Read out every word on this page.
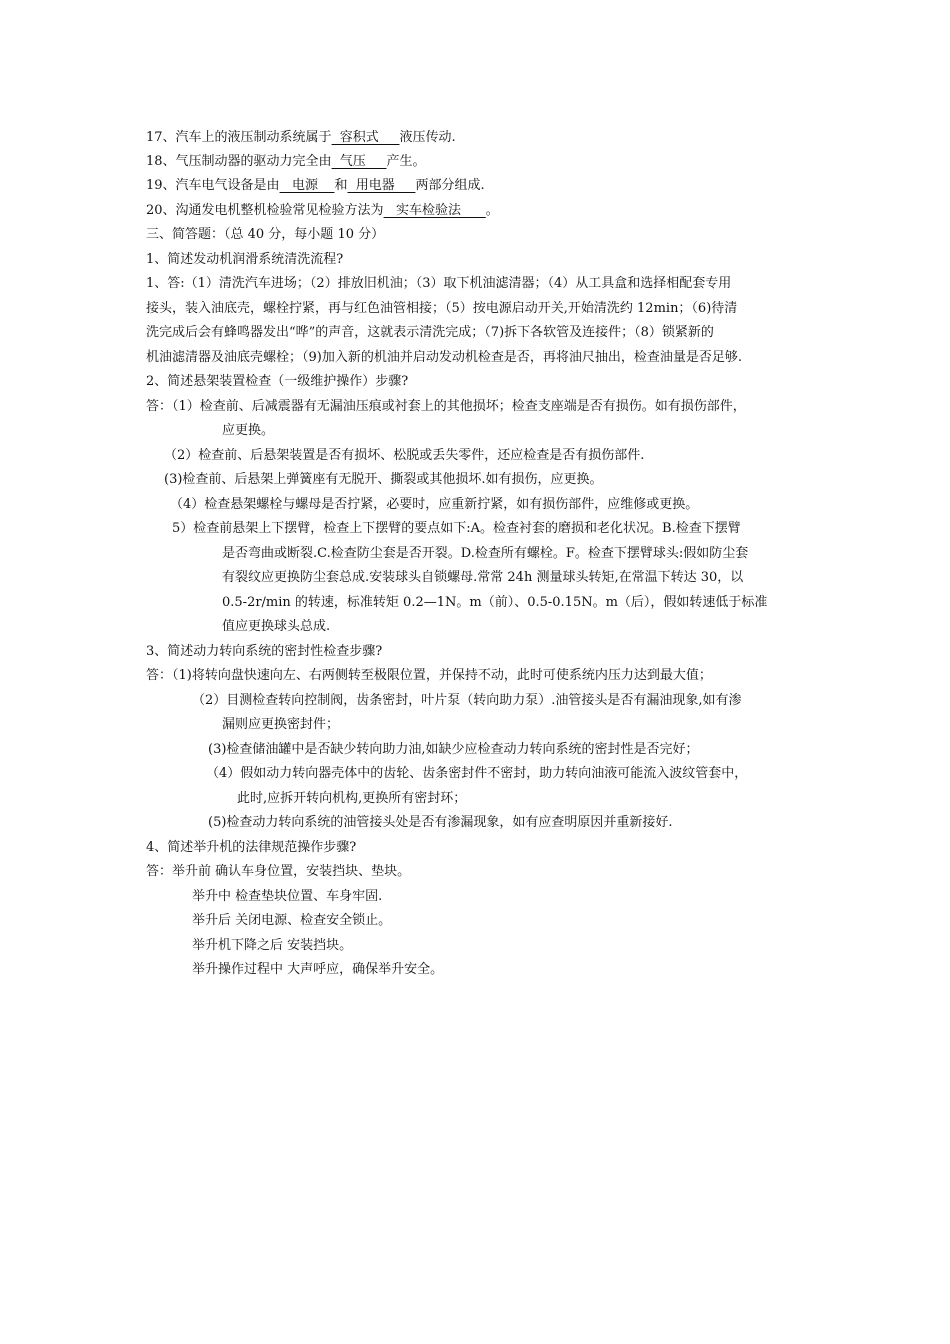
17、汽车上的液压制动系统属于  容积式     液压传动.
18、气压制动器的驱动力完全由  气压     产生。
19、汽车电气设备是由   电源    和  用电器     两部分组成.
20、沟通发电机整机检验常见检验方法为   实车检验法      。
三、简答题：（总 40 分，每小题 10 分）
1、简述发动机润滑系统清洗流程?
1、答:（1）清洗汽车进场；（2）排放旧机油；（3）取下机油滤清器；（4）从工具盒和选择相配套专用
接头，装入油底壳，螺栓拧紧，再与红色油管相接；（5）按电源启动开关,开始清洗约 12min；（6)待清
洗完成后会有蜂鸣器发出“哗”的声音，这就表示清洗完成；（7)拆下各软管及连接件；（8）锁紧新的
机油滤清器及油底壳螺栓；（9)加入新的机油并启动发动机检查是否，再将油尺抽出，检查油量是否足够.
2、简述悬架装置检查（一级维护操作）步骤?
答：（1）检查前、后减震器有无漏油压痕或衬套上的其他损坏；检查支座端是否有损伤。如有损伤部件，
应更换。
（2）检查前、后悬架装置是否有损坏、松脱或丢失零件，还应检查是否有损伤部件.
(3)检查前、后悬架上弹簧座有无脱开、撕裂或其他损坏.如有损伤，应更换。
（4）检查悬架螺栓与螺母是否拧紧，必要时，应重新拧紧，如有损伤部件，应维修或更换。
5）检查前悬架上下摆臂，检查上下摆臂的要点如下:A。检查衬套的磨损和老化状况。B.检查下摆臂
是否弯曲或断裂.C.检查防尘套是否开裂。D.检查所有螺栓。F。检查下摆臂球头:假如防尘套
有裂纹应更换防尘套总成.安装球头自锁螺母.常常 24h 测量球头转矩,在常温下转达 30，以
0.5-2r/min 的转速，标准转矩 0.2—1N。m（前）、0.5-0.15N。m（后），假如转速低于标准
值应更换球头总成.
3、简述动力转向系统的密封性检查步骤?
答：（1)将转向盘快速向左、右两侧转至极限位置，并保持不动，此时可使系统内压力达到最大值；
（2）目测检查转向控制阀，齿条密封，叶片泵（转向助力泵）.油管接头是否有漏油现象,如有渗
漏则应更换密封件；
(3)检查储油罐中是否缺少转向助力油,如缺少应检查动力转向系统的密封性是否完好；
（4）假如动力转向器壳体中的齿轮、齿条密封件不密封，助力转向油液可能流入波纹管套中，
此时,应拆开转向机构,更换所有密封环；
(5)检查动力转向系统的油管接头处是否有渗漏现象，如有应查明原因并重新接好.
4、简述举升机的法律规范操作步骤?
答：举升前 确认车身位置，安装挡块、垫块。
举升中 检查垫块位置、车身牢固.
举升后 关闭电源、检查安全锁止。
举升机下降之后 安装挡块。
举升操作过程中 大声呼应，确保举升安全。
